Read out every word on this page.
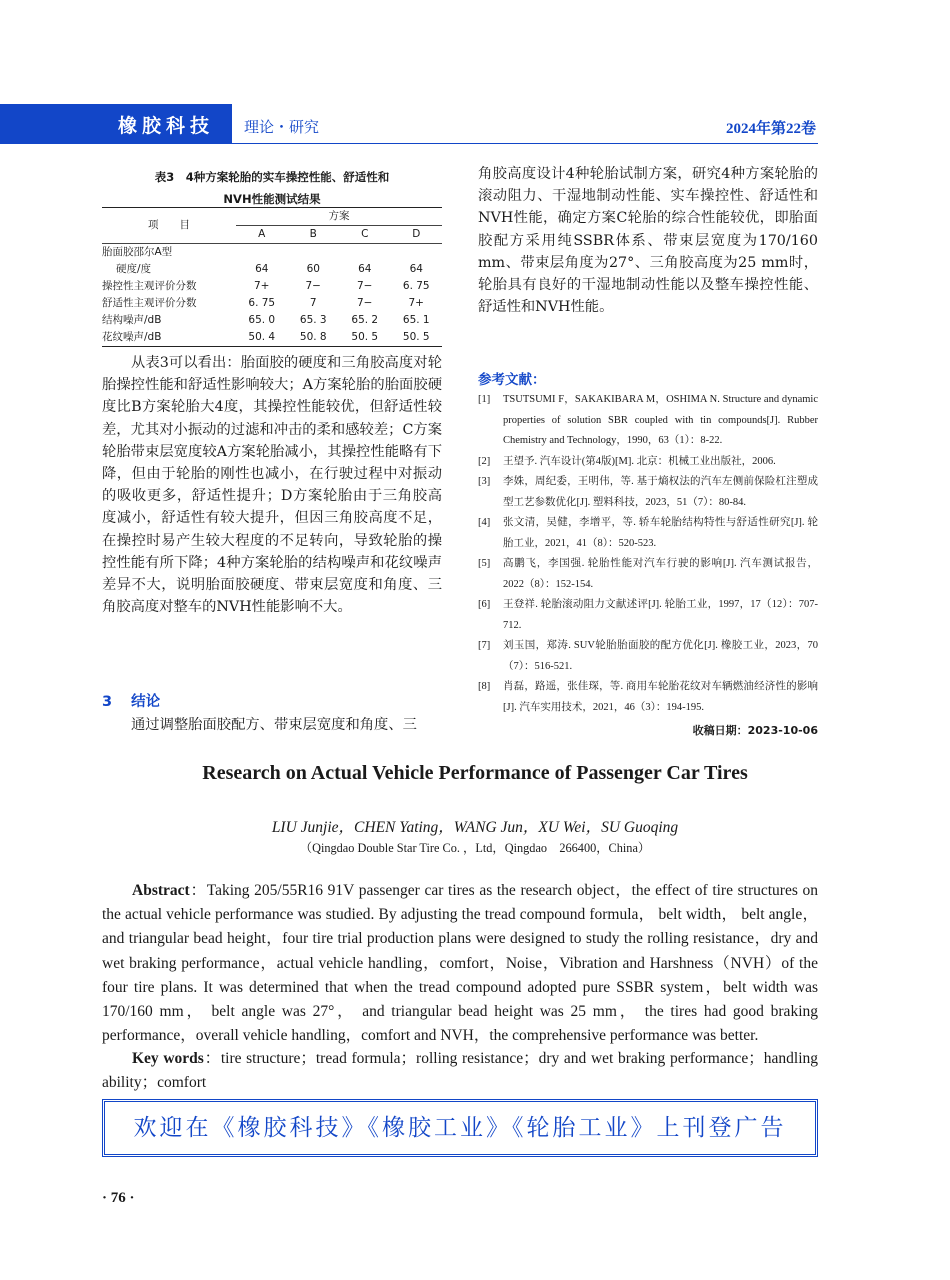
橡胶科技 理论・研究	2024年第22卷
表3　4种方案轮胎的实车操控性能、舒适性和
NVH性能测试结果
项　　目	方案			
	A	B	C	D
胎面胶邵尔A型				
硬度/度	64	60	64	64
操控性主观评价分数	7+	7−	7−	6. 75
舒适性主观评价分数	6. 75	7	7−	7+
结构噪声/dB	65. 0	65. 3	65. 2	65. 1
花纹噪声/dB	50. 4	50. 8	50. 5	50. 5
从表3可以看出：胎面胶的硬度和三角胶高度对轮胎操控性能和舒适性影响较大；A方案轮胎的胎面胶硬度比B方案轮胎大4度，其操控性能较优，但舒适性较差，尤其对小振动的过滤和冲击的柔和感较差；C方案轮胎带束层宽度较A方案轮胎减小，其操控性能略有下降，但由于轮胎的刚性也减小，在行驶过程中对振动的吸收更多，舒适性提升；D方案轮胎由于三角胶高度减小，舒适性有较大提升，但因三角胶高度不足，在操控时易产生较大程度的不足转向，导致轮胎的操控性能有所下降；4种方案轮胎的结构噪声和花纹噪声差异不大，说明胎面胶硬度、带束层宽度和角度、三角胶高度对整车的NVH性能影响不大。
3 结论
通过调整胎面胶配方、带束层宽度和角度、三
角胶高度设计4种轮胎试制方案，研究4种方案轮胎的滚动阻力、干湿地制动性能、实车操控性、舒适性和NVH性能，确定方案C轮胎的综合性能较优，即胎面胶配方采用纯SSBR体系、带束层宽度为170/160 mm、带束层角度为27°、三角胶高度为25 mm时，轮胎具有良好的干湿地制动性能以及整车操控性能、舒适性和NVH性能。
参考文献：
[1] TSUTSUMI F，SAKAKIBARA M，OSHIMA N. Structure and dynamic properties of solution SBR coupled with tin compounds[J]. Rubber Chemistry and Technology，1990，63（1）：8-22.
[2] 王望予. 汽车设计(第4版)[M]. 北京：机械工业出版社，2006.
[3] 李姝，周纪委，王明伟，等. 基于熵权法的汽车左侧前保险杠注塑成型工艺参数优化[J]. 塑料科技，2023，51（7）：80-84.
[4] 张文清，吴健，李增平，等. 轿车轮胎结构特性与舒适性研究[J]. 轮胎工业，2021，41（8）：520-523.
[5] 高鹏飞，李国强. 轮胎性能对汽车行驶的影响[J]. 汽车测试报告，2022（8）：152-154.
[6] 王登祥. 轮胎滚动阻力文献述评[J]. 轮胎工业，1997，17（12）：707-712.
[7] 刘玉国，郑涛. SUV轮胎胎面胶的配方优化[J]. 橡胶工业，2023，70（7）：516-521.
[8] 肖磊，路遥，张佳琛，等. 商用车轮胎花纹对车辆燃油经济性的影响[J]. 汽车实用技术，2021，46（3）：194-195.
收稿日期：2023-10-06
Research on Actual Vehicle Performance of Passenger Car Tires
LIU Junjie，CHEN Yating，WANG Jun，XU Wei，SU Guoqing
（Qingdao Double Star Tire Co. ，Ltd，Qingdao　266400，China）
Abstract：Taking 205/55R16 91V passenger car tires as the research object，the effect of tire structures on the actual vehicle performance was studied. By adjusting the tread compound formula， belt width， belt angle，and triangular bead height，four tire trial production plans were designed to study the rolling resistance，dry and wet braking performance，actual vehicle handling，comfort，Noise，Vibration and Harshness（NVH）of the four tire plans. It was determined that when the tread compound adopted pure SSBR system，belt width was 170/160 mm， belt angle was 27°， and triangular bead height was 25 mm， the tires had good braking performance，overall vehicle handling，comfort and NVH，the comprehensive performance was better.
Key words：tire structure；tread formula；rolling resistance；dry and wet braking performance；handling ability；comfort
欢迎在《橡胶科技》《橡胶工业》《轮胎工业》上刊登广告
· 76 ·
